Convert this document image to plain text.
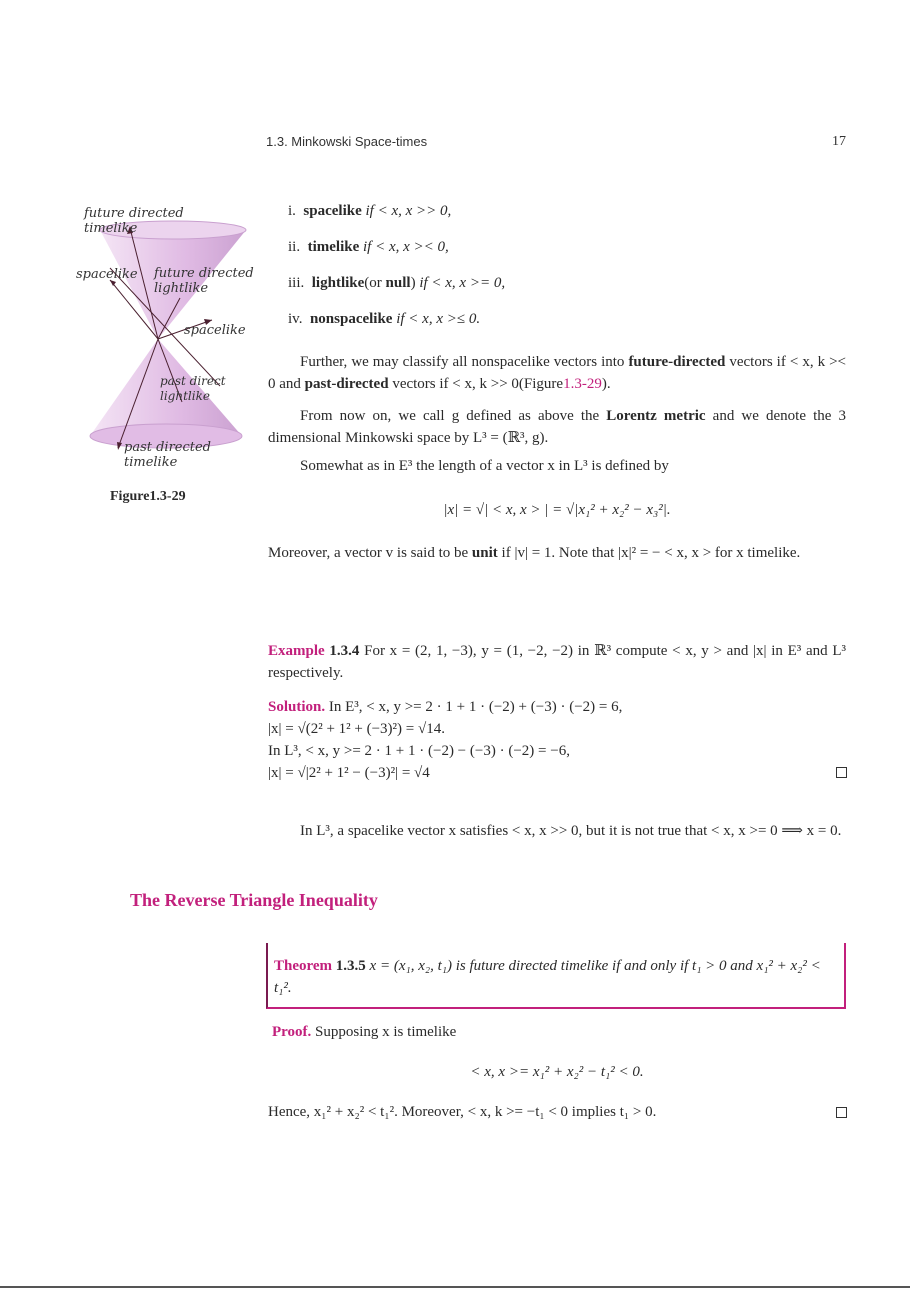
1.3. Minkowski Space-times	17
future directed
timelike
spacelike future directed
lightlike
spacelike
past direct
lightlike
past directed
timelike
Figure1.3-29
i. spacelike if < x, x >> 0,
ii. timelike if < x, x >< 0,
iii. lightlike(or null) if < x, x >= 0,
iv. nonspacelike if < x, x >≤ 0.
Further, we may classify all nonspacelike vectors into future-directed vectors if < x, k >< 0 and past-directed vectors if < x, k >> 0(Figure1.3-29).
From now on, we call g defined as above the Lorentz metric and we denote the 3 dimensional Minkowski space by L³ = (ℝ³, g).
Somewhat as in E³ the length of a vector x in L³ is defined by
|x| = √| < x, x > | = √|x₁² + x₂² − x₃²|.
Moreover, a vector v is said to be unit if |v| = 1. Note that |x|² = − < x, x > for x timelike.
Example 1.3.4 For x = (2, 1, −3), y = (1, −2, −2) in ℝ³ compute < x, y > and |x| in E³ and L³ respectively.
Solution. In E³, < x, y >= 2 · 1 + 1 · (−2) + (−3) · (−2) = 6,
|x| = √(2² + 1² + (−3)²) = √14.
In L³, < x, y >= 2 · 1 + 1 · (−2) − (−3) · (−2) = −6,
|x| = √|2² + 1² − (−3)²| = √4
In L³, a spacelike vector x satisfies < x, x >> 0, but it is not true that < x, x >= 0 ⟹ x = 0.
The Reverse Triangle Inequality
Theorem 1.3.5 x = (x₁, x₂, t₁) is future directed timelike if and only if t₁ > 0 and x₁² + x₂² < t₁².
Proof. Supposing x is timelike
< x, x >= x₁² + x₂² − t₁² < 0.
Hence, x₁² + x₂² < t₁². Moreover, < x, k >= −t₁ < 0 implies t₁ > 0.
